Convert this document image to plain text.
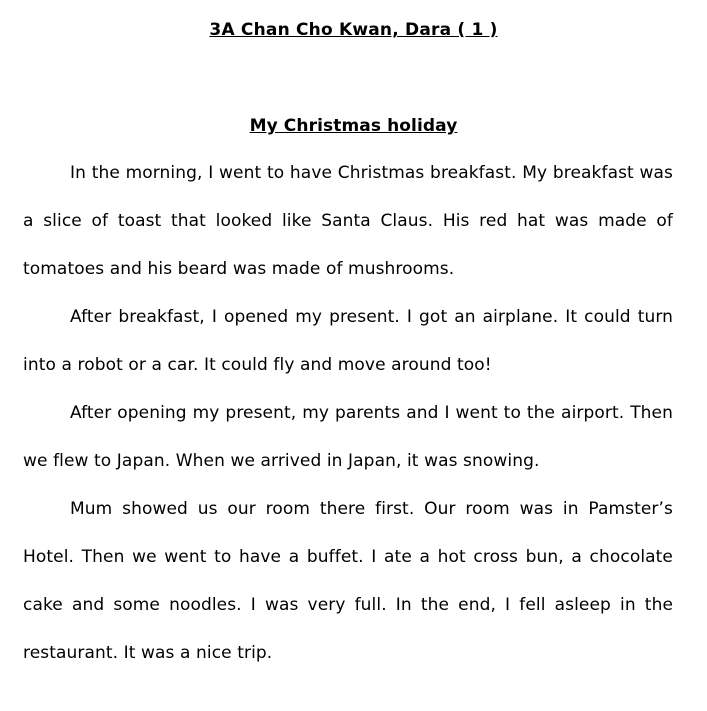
3A Chan Cho Kwan, Dara ( 1 )
My Christmas holiday

In the morning, I went to have Christmas breakfast. My breakfast was a slice of toast that looked like Santa Claus. His red hat was made of tomatoes and his beard was made of mushrooms.

After breakfast, I opened my present. I got an airplane. It could turn into a robot or a car. It could fly and move around too!

After opening my present, my parents and I went to the airport. Then we flew to Japan. When we arrived in Japan, it was snowing.

Mum showed us our room there first. Our room was in Pamster’s Hotel. Then we went to have a buffet. I ate a hot cross bun, a chocolate cake and some noodles. I was very full. In the end, I fell asleep in the restaurant. It was a nice trip.
